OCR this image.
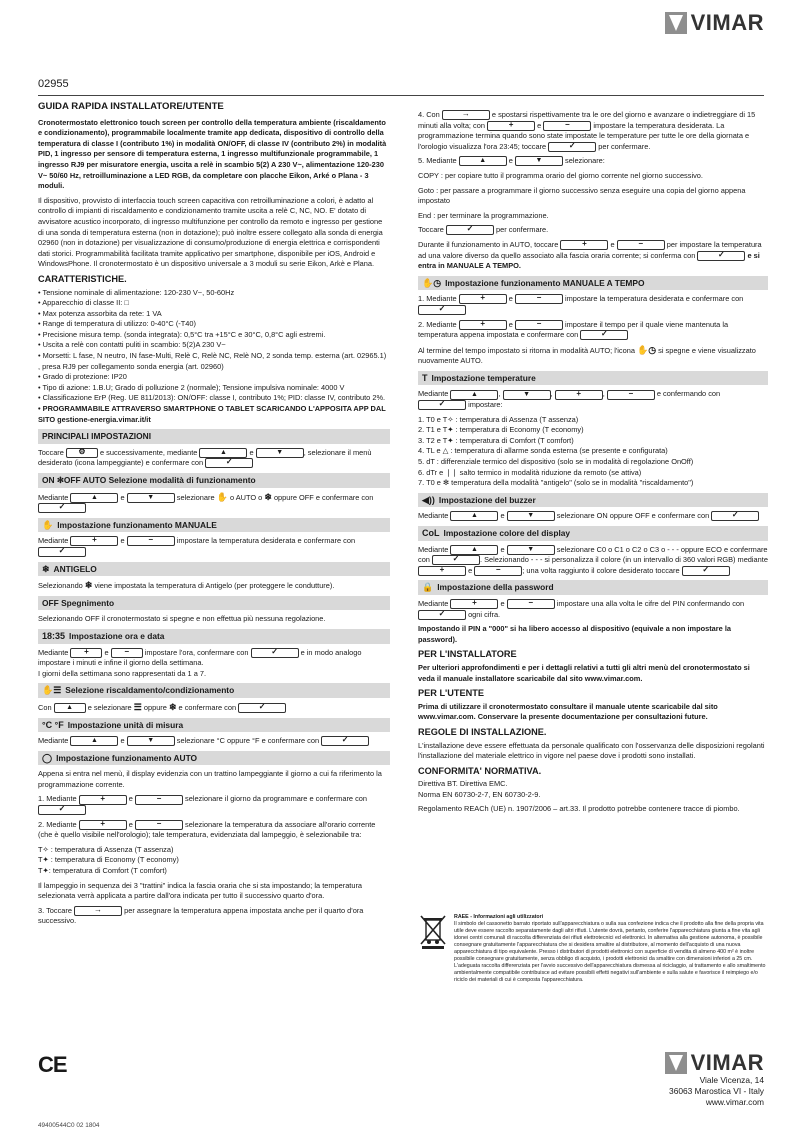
VIMAR
02955
GUIDA RAPIDA INSTALLATORE/UTENTE

Cronotermostato elettronico touch screen per controllo della temperatura ambiente (riscaldamento e condizionamento), programmabile localmente tramite app dedicata, dispositivo di controllo della temperatura di classe I (contributo 1%) in modalità ON/OFF, di classe IV (contributo 2%) in modalità PID, 1 ingresso per sensore di temperatura esterna, 1 ingresso multifunzionale programmabile, 1 ingresso RJ9 per misuratore energia, uscita a relè in scambio 5(2) A 230 V~, alimentazione 120-230 V~ 50/60 Hz, retroilluminazione a LED RGB, da completare con placche Eikon, Arké o Plana - 3 moduli.

Il dispositivo, provvisto di interfaccia touch screen capacitiva con retroilluminazione a colori, è adatto al controllo di impianti di riscaldamento e condizionamento tramite uscita a relè C, NC, NO. E' dotato di avvisatore acustico incorporato, di ingresso multifunzione per controllo da remoto e ingresso per gestione di una sonda di temperatura esterna (non in dotazione); può inoltre essere collegato alla sonda di energia 02960 (non in dotazione) per visualizzazione di consumo/produzione di energia elettrica e corrispondenti dati storici. Programmabilità facilitata tramite applicativo per smartphone, disponibile per iOS, Android e WindowsPhone. Il cronotermostato è un dispositivo universale a 3 moduli su serie Eikon, Arkè e Plana.

CARATTERISTICHE.
• Tensione nominale di alimentazione: 120-230 V~, 50-60Hz
• Apparecchio di classe II: □
• Max potenza assorbita da rete: 1 VA
• Range di temperatura di utilizzo: 0-40°C (-T40)
• Precisione misura temp. (sonda integrata): 0,5°C tra +15°C e 30°C, 0,8°C agli estremi.
• Uscita a relè con contatti puliti in scambio: 5(2)A 230 V~
• Morsetti: L fase, N neutro, IN fase-Multi, Relè C, Relè NC, Relè NO, 2 sonda temp. esterna (art. 02965.1) , presa RJ9 per collegamento sonda energia (art. 02960)
• Grado di protezione: IP20
• Tipo di azione: 1.B.U; Grado di polluzione 2 (normale); Tensione impulsiva nominale: 4000 V
• Classificazione ErP (Reg. UE 811/2013): ON/OFF: classe I, contributo 1%; PID: classe IV, contributo 2%.
• PROGRAMMABILE ATTRAVERSO SMARTPHONE O TABLET SCARICANDO L'APPOSITA APP DAL SITO gestione-energia.vimar.it/it
PRINCIPALI IMPOSTAZIONI

Toccare ⚙	e successivamente, mediante ▲	e ▼	, selezionare il menù desiderato (icona lampeggiante) e confermare con ✓

ON ✻OFF AUTO Selezione modalità di funzionamento

Mediante ▲	e ▼	selezionare ✋ o AUTO o ❄ oppure OFF e confermare con ✓

✋ Impostazione funzionamento MANUALE

Mediante +	e −	impostare la temperatura desiderata e confermare con ✓

❄ ANTIGELO

Selezionando ❄ viene impostata la temperatura di Antigelo (per proteggere le condutture).

OFF Spegnimento

Selezionando OFF il cronotermostato si spegne e non effettua più nessuna regolazione.

18:35 Impostazione ora e data

Mediante +	e −	impostare l'ora, confermare con ✓	e in modo analogo impostare i minuti e infine il giorno della settimana.
I giorni della settimana sono rappresentati da 1 a 7.

✋☰ Selezione riscaldamento/condizionamento

Con ▲	e selezionare ☰ oppure ❄ e confermare con ✓

°C °F Impostazione unità di misura

Mediante ▲	e ▼	selezionare °C oppure °F e confermare con ✓

◯ Impostazione funzionamento AUTO

Appena si entra nel menù, il display evidenzia con un trattino lampeggiante il giorno a cui fa riferimento la programmazione corrente.

1. Mediante +	e −	selezionare il giorno da programmare e confermare con ✓

2. Mediante +	e −	selezionare la temperatura da associare all'orario corrente (che è quello visibile nell'orologio); tale temperatura, evidenziata dal lampeggio, è selezionabile tra:

T✧ : temperatura di Assenza (T assenza)
T✦ : temperatura di Economy (T economy)
T✦: temperatura di Comfort (T comfort)

Il lampeggio in sequenza dei 3 "trattini" indica la fascia oraria che si sta impostando; la temperatura selezionata verrà applicata a partire dall'ora indicata per tutto il successivo quarto d'ora.

3. Toccare →	per assegnare la temperatura appena impostata anche per il quarto d'ora successivo.

4. Con →	e spostarsi rispettivamente tra le ore del giorno e avanzare o indietreggiare di 15 minuti alla volta; con +	e −	impostare la temperatura desiderata. La programmazione termina quando sono state impostate le temperature per tutte le ore della giornata e l'orologio visualizza l'ora 23:45; toccare ✓	per confermare.

5. Mediante ▲	e ▼	selezionare:

COPY : per copiare tutto il programma orario del giorno corrente nel giorno successivo.

Goto : per passare a programmare il giorno successivo senza eseguire una copia del giorno appena impostato

End : per terminare la programmazione.

Toccare ✓	per confermare.

Durante il funzionamento in AUTO, toccare +	e −	per impostare la temperatura ad una valore diverso da quello associato alla fascia oraria corrente; si conferma con ✓	e si entra in MANUALE A TEMPO.

✋◷ Impostazione funzionamento MANUALE A TEMPO

1. Mediante +	e −	impostare la temperatura desiderata e confermare con ✓

2. Mediante +	e −	impostare il tempo per il quale viene mantenuta la temperatura appena impostata e confermare con ✓

Al termine del tempo impostato si ritorna in modalità AUTO; l'icona ✋◷ si spegne e viene visualizzato nuovamente AUTO.

T Impostazione temperature

Mediante ▲	, ▼	, +	, −	e confermando con ✓ impostare:

1. T0 e T✧ : temperatura di Assenza (T assenza)
2. T1 e T✦ : temperatura di Economy (T economy)
3. T2 e T✦ : temperatura di Comfort (T comfort)
4. TL e △ : temperatura di allarme sonda esterna (se presente e configurata)
5. dT : differenziale termico del dispositivo (solo se in modalità di regolazione OnOff)
6. dTr e ❘❘ salto termico in modalità riduzione da remoto (se attiva)
7. T0 e ✻ temperatura della modalità "antigelo" (solo se in modalità "riscaldamento")
◀)) Impostazione del buzzer

Mediante ▲	e ▼	selezionare ON oppure OFF e confermare con ✓

CoL Impostazione colore del display

Mediante ▲	e ▼	selezionare C0 o C1 o C2 o C3 o - - - oppure ECO e confermare con ✓	. Selezionando - - - si personalizza il colore (in un intervallo di 360 valori RGB) mediante + e −	; una volta raggiunto il colore desiderato toccare ✓

🔒 Impostazione della password

Mediante +	e −	impostare una alla volta le cifre del PIN confermando con ✓ ogni cifra.

Impostando il PIN a "000" si ha libero accesso al dispositivo (equivale a non impostare la password).

PER L'INSTALLATORE

Per ulteriori approfondimenti e per i dettagli relativi a tutti gli altri menù del cronotermostato si veda il manuale installatore scaricabile dal sito www.vimar.com.

PER L'UTENTE

Prima di utilizzare il cronotermostato consultare il manuale utente scaricabile dal sito www.vimar.com. Conservare la presente documentazione per consultazioni future.

REGOLE DI INSTALLAZIONE.

L'installazione deve essere effettuata da personale qualificato con l'osservanza delle disposizioni regolanti l'installazione del materiale elettrico in vigore nel paese dove i prodotti sono installati.

CONFORMITA' NORMATIVA.

Direttiva BT. Direttiva EMC.
Norma EN 60730-2-7, EN 60730-2-9.

Regolamento REACh (UE) n. 1907/2006 – art.33. Il prodotto potrebbe contenere tracce di piombo.

RAEE - Informazioni agli utilizzatori
Il simbolo del cassonetto barrato riportato sull'apparecchiatura o sulla sua confezione indica che il prodotto alla fine della propria vita utile deve essere raccolto separatamente dagli altri rifiuti. L'utente dovrà, pertanto, conferire l'apparecchiatura giunta a fine vita agli idonei centri comunali di raccolta differenziata dei rifiuti elettrotecnici ed elettronici. In alternativa alla gestione autonoma, è possibile consegnare gratuitamente l'apparecchiatura che si desidera smaltire al distributore, al momento dell'acquisto di una nuova apparecchiatura di tipo equivalente. Presso i distributori di prodotti elettronici con superficie di vendita di almeno 400 m² è inoltre possibile consegnare gratuitamente, senza obbligo di acquisto, i prodotti elettronici da smaltire con dimensioni inferiori a 25 cm. L'adeguata raccolta differenziata per l'avvio successivo dell'apparecchiatura dismessa al riciclaggio, al trattamento e allo smaltimento ambientalmente compatibile contribuisce ad evitare possibili effetti negativi sull'ambiente e sulla salute e favorisce il reimpiego e/o riciclo dei materiali di cui è composta l'apparecchiatura.
CE	VIMAR
Viale Vicenza, 14
36063 Marostica VI - Italy
www.vimar.com
49400544C0 02 1804
